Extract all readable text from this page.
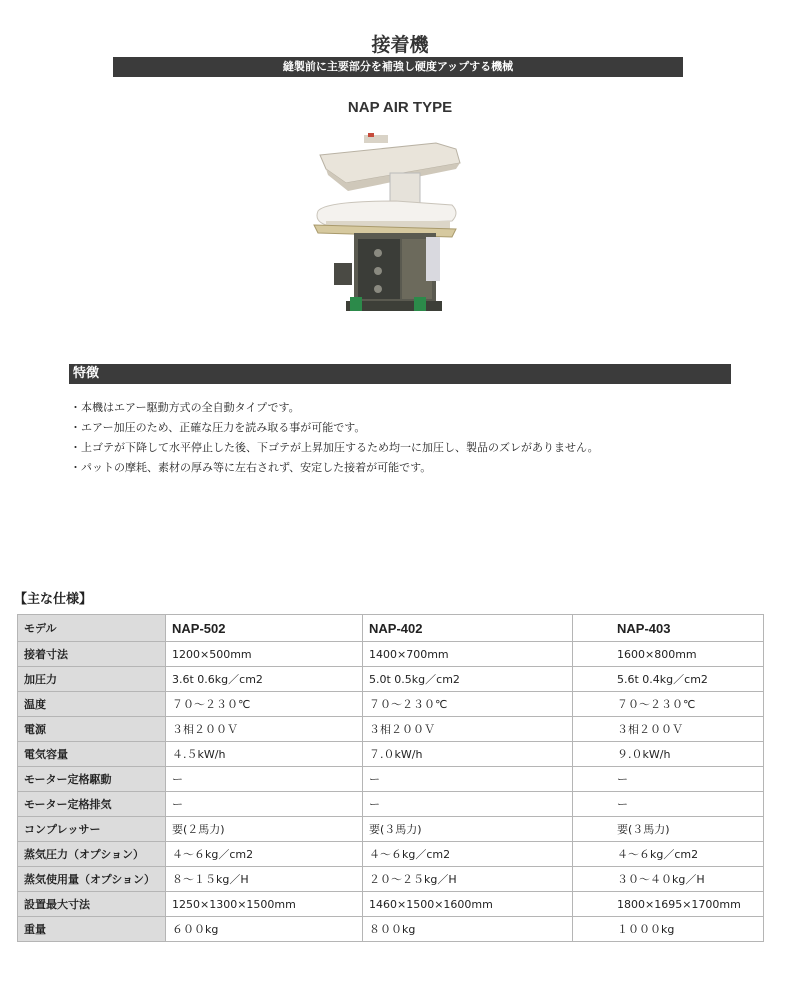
接着機
縫製前に主要部分を補強し硬度アップする機械
NAP AIR TYPE
特徴
・本機はエアー駆動方式の全自動タイプです。
・エアー加圧のため、正確な圧力を読み取る事が可能です。
・上ゴテが下降して水平停止した後、下ゴテが上昇加圧するため均一に加圧し、製品のズレがありません。
・パットの摩耗、素材の厚み等に左右されず、安定した接着が可能です。
【主な仕様】
モデル	NAP-502	NAP-402	NAP-403
接着寸法	1200×500mm	1400×700mm	1600×800mm
加圧力	3.6t 0.6kg／cm2	5.0t 0.5kg／cm2	5.6t 0.4kg／cm2
温度	７０～２３０℃	７０～２３０℃	７０～２３０℃
電源	３相２００Ｖ	３相２００Ｖ	３相２００Ｖ
電気容量	４.５kW/h	７.０kW/h	９.０kW/h
モーター定格駆動	ー	ー	ー
モーター定格排気	ー	ー	ー
コンプレッサー	要(２馬力)	要(３馬力)	要(３馬力)
蒸気圧力（オプション）	４～６kg／cm2	４～６kg／cm2	４～６kg／cm2
蒸気使用量（オプション）	８～１５kg／H	２０～２５kg／H	３０～４０kg／H
設置最大寸法	1250×1300×1500mm	1460×1500×1600mm	1800×1695×1700mm
重量	６００kg	８００kg	１０００kg
